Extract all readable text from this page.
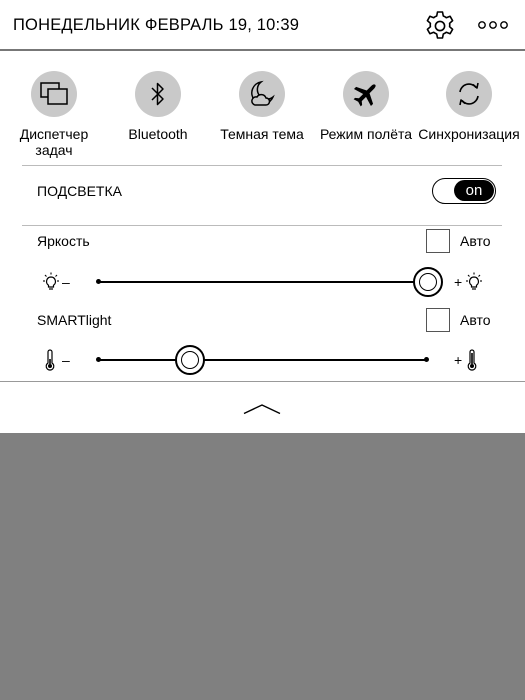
ПОНЕДЕЛЬНИК ФЕВРАЛЬ 19, 10:39
Диспетчер
задач
Bluetooth	Темная тема	Режим полёта Синхронизация
ПОДСВЕТКА	on
Яркость	Авто
–	+
SMARTlight	Авто
–	+
